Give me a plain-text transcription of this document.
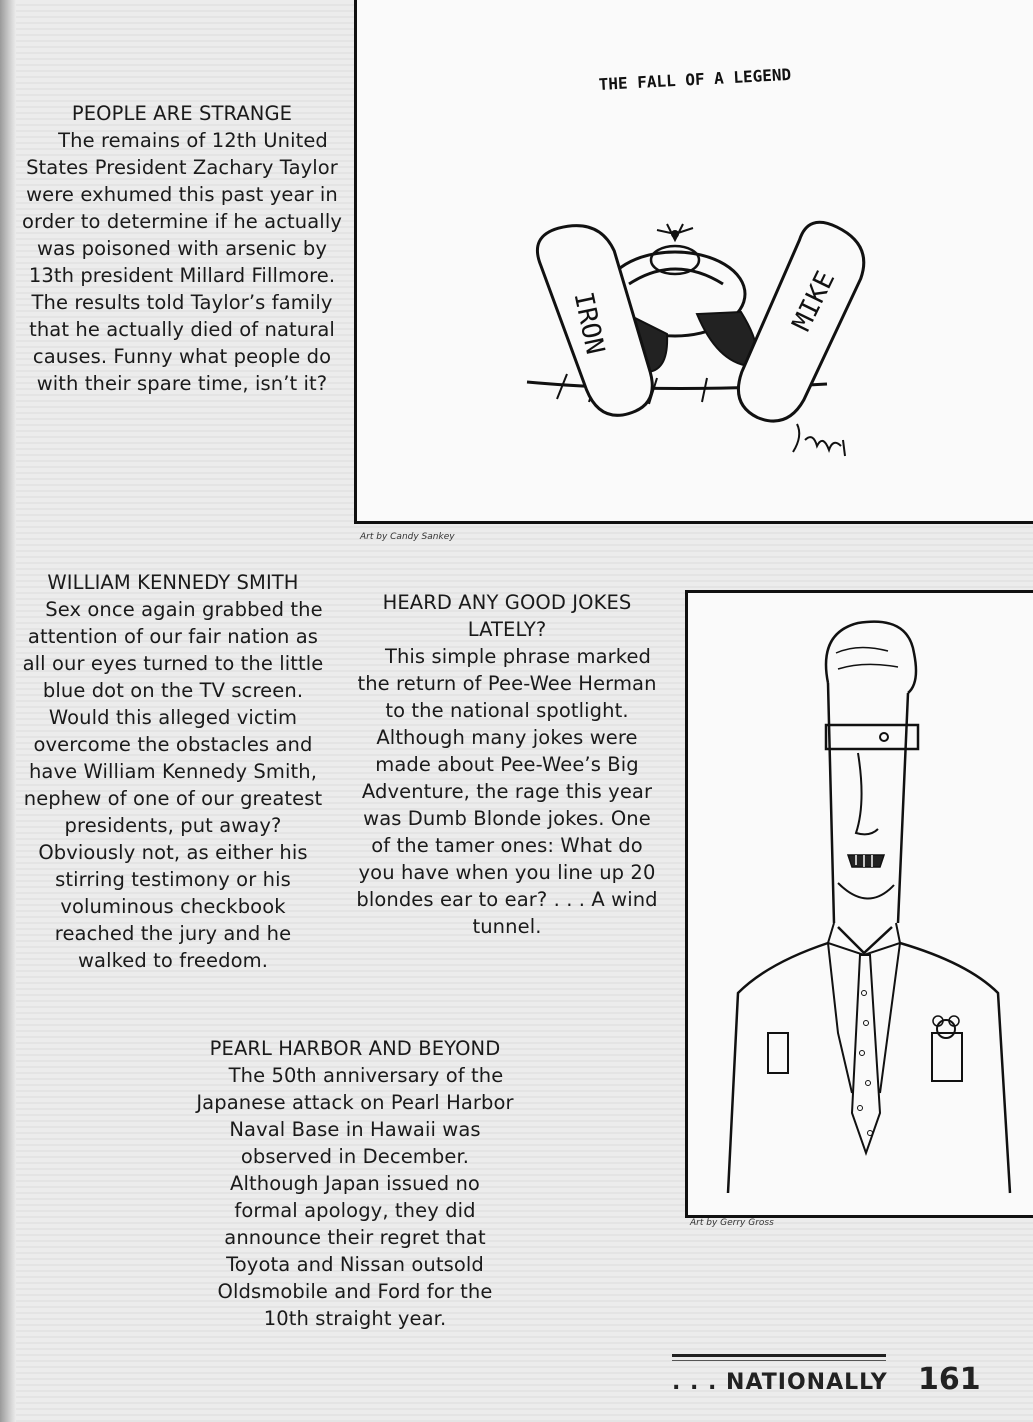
PEOPLE ARE STRANGE
The remains of 12th United States President Zachary Taylor were exhumed this past year in order to determine if he actually was poisoned with arsenic by 13th president Millard Fillmore. The results told Taylor’s family that he actually died of natural causes. Funny what people do with their spare time, isn’t it?
THE FALL OF A LEGEND
IRON	MIKE
Art by Candy Sankey
WILLIAM KENNEDY SMITH
Sex once again grabbed the attention of our fair nation as all our eyes turned to the little blue dot on the TV screen. Would this alleged victim overcome the obstacles and have William Kennedy Smith, nephew of one of our greatest presidents, put away? Obviously not, as either his stirring testimony or his voluminous checkbook reached the jury and he walked to freedom.
HEARD ANY GOOD JOKES LATELY?
This simple phrase marked the return of Pee-Wee Herman to the national spotlight. Although many jokes were made about Pee-Wee’s Big Adventure, the rage this year was Dumb Blonde jokes. One of the tamer ones: What do you have when you line up 20 blondes ear to ear? . . . A wind tunnel.
Art by Gerry Gross
PEARL HARBOR AND BEYOND
The 50th anniversary of the Japanese attack on Pearl Harbor Naval Base in Hawaii was observed in December. Although Japan issued no formal apology, they did announce their regret that Toyota and Nissan outsold Oldsmobile and Ford for the 10th straight year.
. . . NATIONALLY 161
